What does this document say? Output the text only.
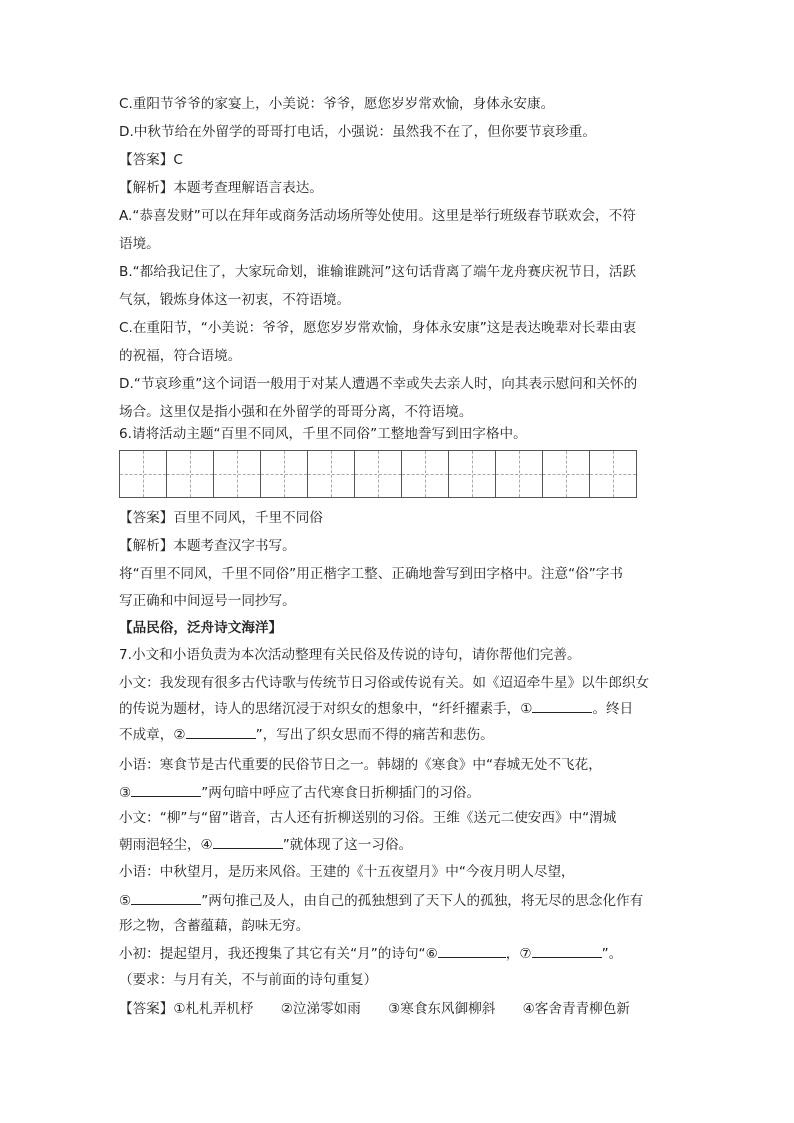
C.重阳节爷爷的家宴上，小美说：爷爷，愿您岁岁常欢愉，身体永安康。
D.中秋节给在外留学的哥哥打电话，小强说：虽然我不在了，但你要节哀珍重。
【答案】C
【解析】本题考查理解语言表达。
A.“恭喜发财”可以在拜年或商务活动场所等处使用。这里是举行班级春节联欢会，不符
语境。
B.“都给我记住了，大家玩命划，谁输谁跳河”这句话背离了端午龙舟赛庆祝节日，活跃
气氛，锻炼身体这一初衷，不符语境。
C.在重阳节，“小美说：爷爷，愿您岁岁常欢愉，身体永安康”这是表达晚辈对长辈由衷
的祝福，符合语境。
D.“节哀珍重”这个词语一般用于对某人遭遇不幸或失去亲人时，向其表示慰问和关怀的
场合。这里仅是指小强和在外留学的哥哥分离，不符语境。
6.请将活动主题“百里不同风，千里不同俗”工整地誊写到田字格中。
【答案】百里不同风，千里不同俗
【解析】本题考查汉字书写。
将“百里不同风，千里不同俗”用正楷字工整、正确地誊写到田字格中。注意“俗”字书
写正确和中间逗号一同抄写。
【品民俗，泛舟诗文海洋】
7.小文和小语负责为本次活动整理有关民俗及传说的诗句，请你帮他们完善。
小文：我发现有很多古代诗歌与传统节日习俗或传说有关。如《迢迢牵牛星》以牛郎织女
的传说为题材，诗人的思绪沉浸于对织女的想象中，“纤纤擢素手，①	。终日
不成章，②	”，写出了织女思而不得的痛苦和悲伤。
小语：寒食节是古代重要的民俗节日之一。韩翃的《寒食》中“春城无处不飞花，
③	”两句暗中呼应了古代寒食日折柳插门的习俗。
小文：“柳”与“留”谐音，古人还有折柳送别的习俗。王维《送元二使安西》中“渭城
朝雨浥轻尘，④	”就体现了这一习俗。
小语：中秋望月，是历来风俗。王建的《十五夜望月》中“今夜月明人尽望，
⑤	”两句推己及人，由自己的孤独想到了天下人的孤独，将无尽的思念化作有
形之物，含蓄蕴藉，韵味无穷。
小初：提起望月，我还搜集了其它有关“月”的诗句“⑥	，⑦	”。
（要求：与月有关，不与前面的诗句重复）
【答案】①札札弄机杼　　②泣涕零如雨　　③寒食东风御柳斜　　④客舍青青柳色新
